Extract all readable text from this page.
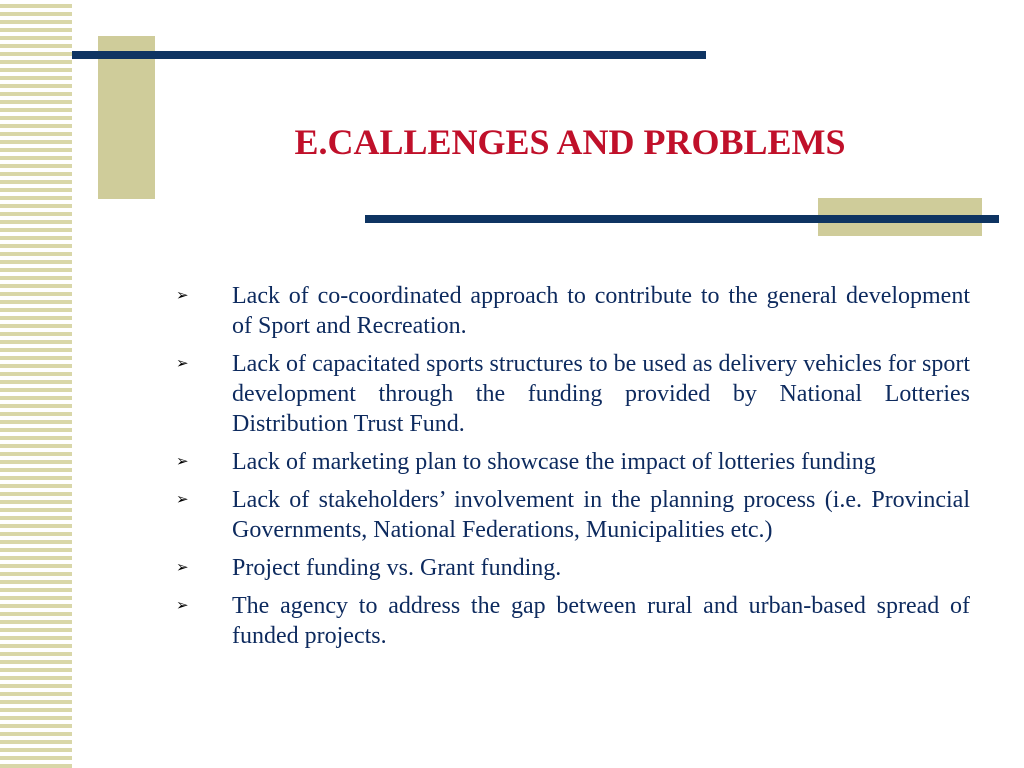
E.CALLENGES AND PROBLEMS
➢ Lack of co-coordinated approach to contribute to the general development of Sport and Recreation.
➢ Lack of capacitated sports structures to be used as delivery vehicles for sport development through the funding provided by National Lotteries Distribution Trust Fund.
➢ Lack of marketing plan to showcase the impact of lotteries funding
➢ Lack of stakeholders’ involvement in the planning process (i.e. Provincial Governments, National Federations, Municipalities etc.)
➢ Project funding vs. Grant funding.
➢ The agency to address the gap between rural and urban-based spread of funded projects.
